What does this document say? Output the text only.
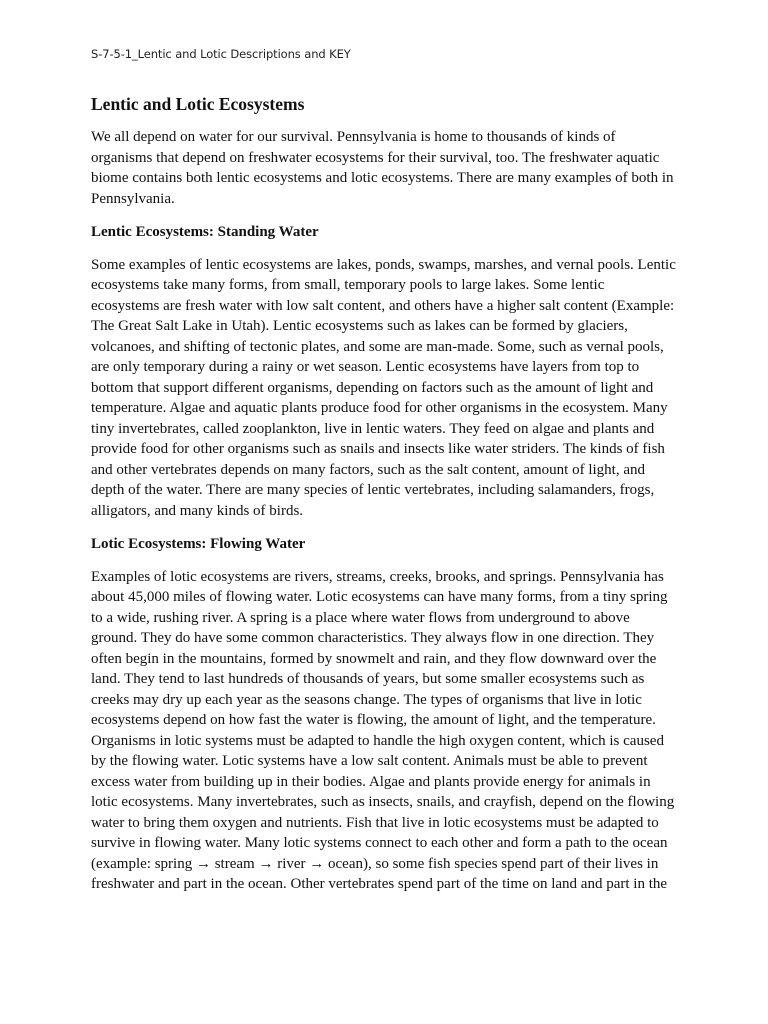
S-7-5-1_Lentic and Lotic Descriptions and KEY
Lentic and Lotic Ecosystems

We all depend on water for our survival. Pennsylvania is home to thousands of kinds of
organisms that depend on freshwater ecosystems for their survival, too. The freshwater aquatic
biome contains both lentic ecosystems and lotic ecosystems. There are many examples of both in
Pennsylvania.

Lentic Ecosystems: Standing Water

Some examples of lentic ecosystems are lakes, ponds, swamps, marshes, and vernal pools. Lentic
ecosystems take many forms, from small, temporary pools to large lakes. Some lentic
ecosystems are fresh water with low salt content, and others have a higher salt content (Example:
The Great Salt Lake in Utah). Lentic ecosystems such as lakes can be formed by glaciers,
volcanoes, and shifting of tectonic plates, and some are man-made. Some, such as vernal pools,
are only temporary during a rainy or wet season. Lentic ecosystems have layers from top to
bottom that support different organisms, depending on factors such as the amount of light and
temperature. Algae and aquatic plants produce food for other organisms in the ecosystem. Many
tiny invertebrates, called zooplankton, live in lentic waters. They feed on algae and plants and
provide food for other organisms such as snails and insects like water striders. The kinds of fish
and other vertebrates depends on many factors, such as the salt content, amount of light, and
depth of the water. There are many species of lentic vertebrates, including salamanders, frogs,
alligators, and many kinds of birds.

Lotic Ecosystems: Flowing Water

Examples of lotic ecosystems are rivers, streams, creeks, brooks, and springs. Pennsylvania has
about 45,000 miles of flowing water. Lotic ecosystems can have many forms, from a tiny spring
to a wide, rushing river. A spring is a place where water flows from underground to above
ground. They do have some common characteristics. They always flow in one direction. They
often begin in the mountains, formed by snowmelt and rain, and they flow downward over the
land. They tend to last hundreds of thousands of years, but some smaller ecosystems such as
creeks may dry up each year as the seasons change. The types of organisms that live in lotic
ecosystems depend on how fast the water is flowing, the amount of light, and the temperature.
Organisms in lotic systems must be adapted to handle the high oxygen content, which is caused
by the flowing water. Lotic systems have a low salt content. Animals must be able to prevent
excess water from building up in their bodies. Algae and plants provide energy for animals in
lotic ecosystems. Many invertebrates, such as insects, snails, and crayfish, depend on the flowing
water to bring them oxygen and nutrients. Fish that live in lotic ecosystems must be adapted to
survive in flowing water. Many lotic systems connect to each other and form a path to the ocean
(example: spring → stream → river → ocean), so some fish species spend part of their lives in
freshwater and part in the ocean. Other vertebrates spend part of the time on land and part in the
